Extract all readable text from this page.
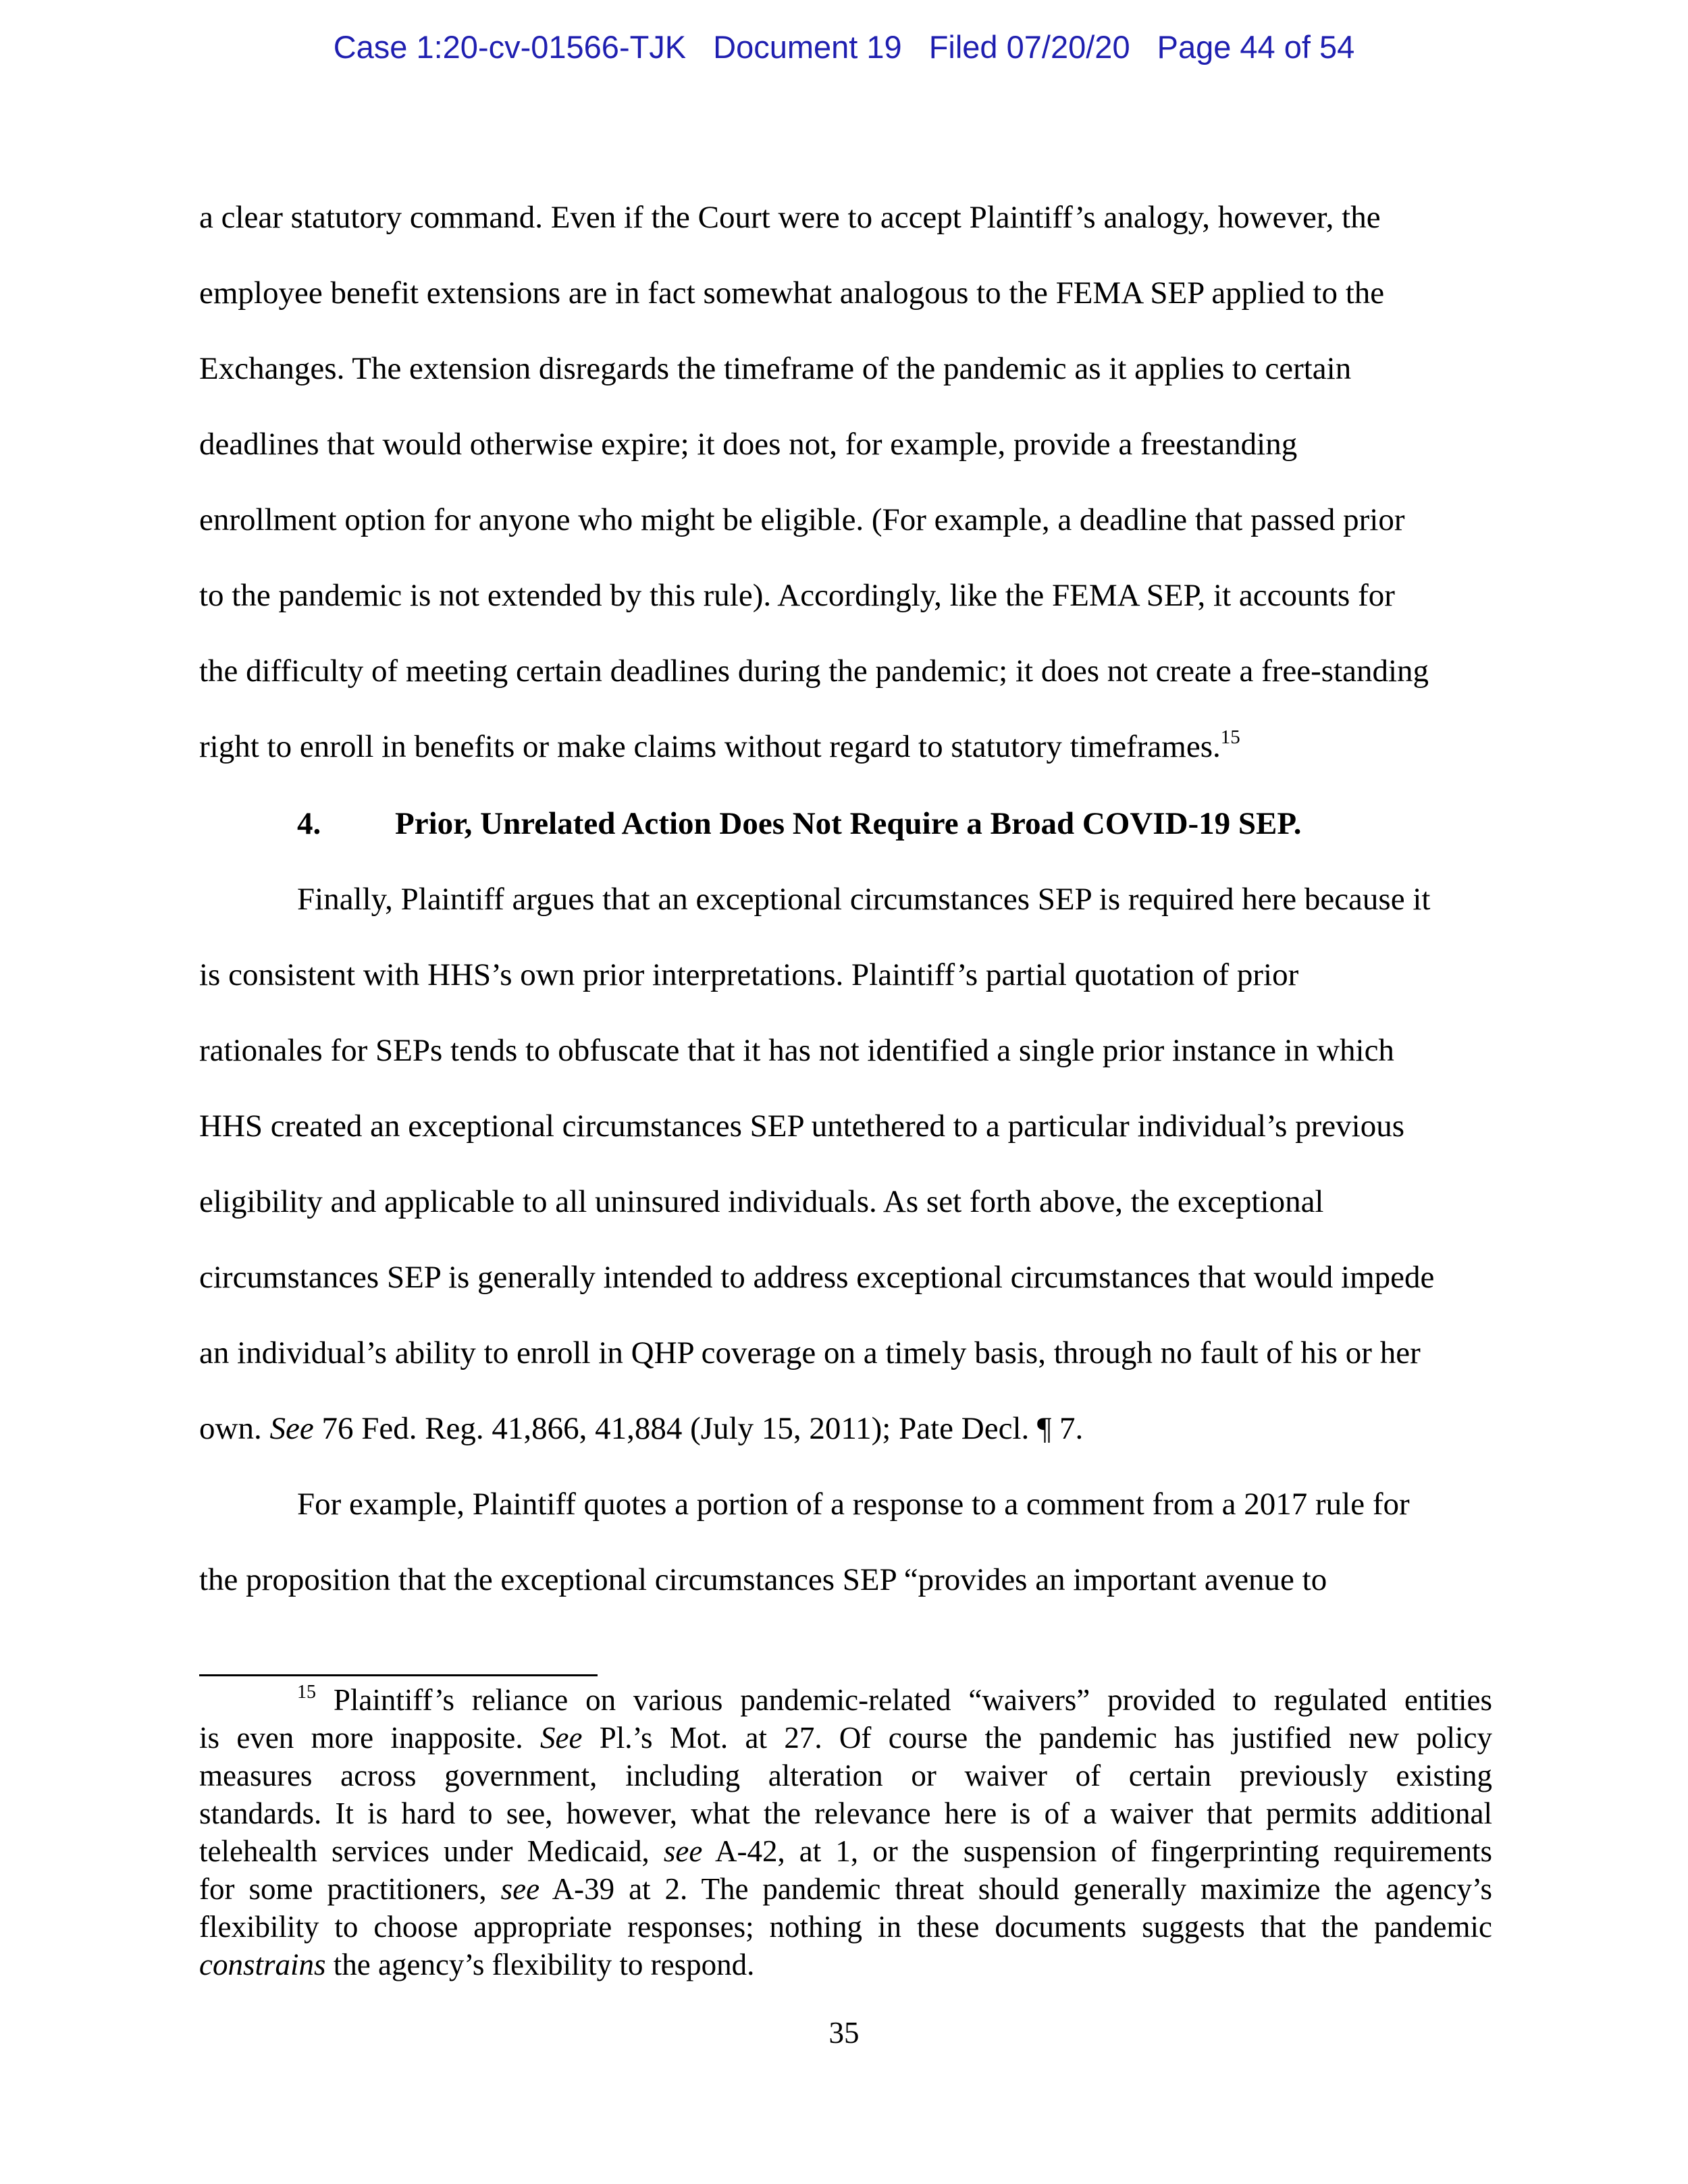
Case 1:20-cv-01566-TJK Document 19 Filed 07/20/20 Page 44 of 54
a clear statutory command. Even if the Court were to accept Plaintiff’s analogy, however, the
employee benefit extensions are in fact somewhat analogous to the FEMA SEP applied to the
Exchanges. The extension disregards the timeframe of the pandemic as it applies to certain
deadlines that would otherwise expire; it does not, for example, provide a freestanding
enrollment option for anyone who might be eligible. (For example, a deadline that passed prior
to the pandemic is not extended by this rule). Accordingly, like the FEMA SEP, it accounts for
the difficulty of meeting certain deadlines during the pandemic; it does not create a free-standing
right to enroll in benefits or make claims without regard to statutory timeframes.$^{15}$
4. Prior, Unrelated Action Does Not Require a Broad COVID-19 SEP.
Finally, Plaintiff argues that an exceptional circumstances SEP is required here because it
is consistent with HHS’s own prior interpretations. Plaintiff’s partial quotation of prior
rationales for SEPs tends to obfuscate that it has not identified a single prior instance in which
HHS created an exceptional circumstances SEP untethered to a particular individual’s previous
eligibility and applicable to all uninsured individuals. As set forth above, the exceptional
circumstances SEP is generally intended to address exceptional circumstances that would impede
an individual’s ability to enroll in QHP coverage on a timely basis, through no fault of his or her
own. See 76 Fed. Reg. 41,866, 41,884 (July 15, 2011); Pate Decl. ¶ 7.
For example, Plaintiff quotes a portion of a response to a comment from a 2017 rule for
the proposition that the exceptional circumstances SEP “provides an important avenue to
$^{15}$ Plaintiff’s reliance on various pandemic-related “waivers” provided to regulated entities
is even more inapposite. See Pl.’s Mot. at 27. Of course the pandemic has justified new policy
measures across government, including alteration or waiver of certain previously existing
standards. It is hard to see, however, what the relevance here is of a waiver that permits additional
telehealth services under Medicaid, see A-42, at 1, or the suspension of fingerprinting requirements
for some practitioners, see A-39 at 2. The pandemic threat should generally maximize the agency’s
flexibility to choose appropriate responses; nothing in these documents suggests that the pandemic
constrains the agency’s flexibility to respond.
35
